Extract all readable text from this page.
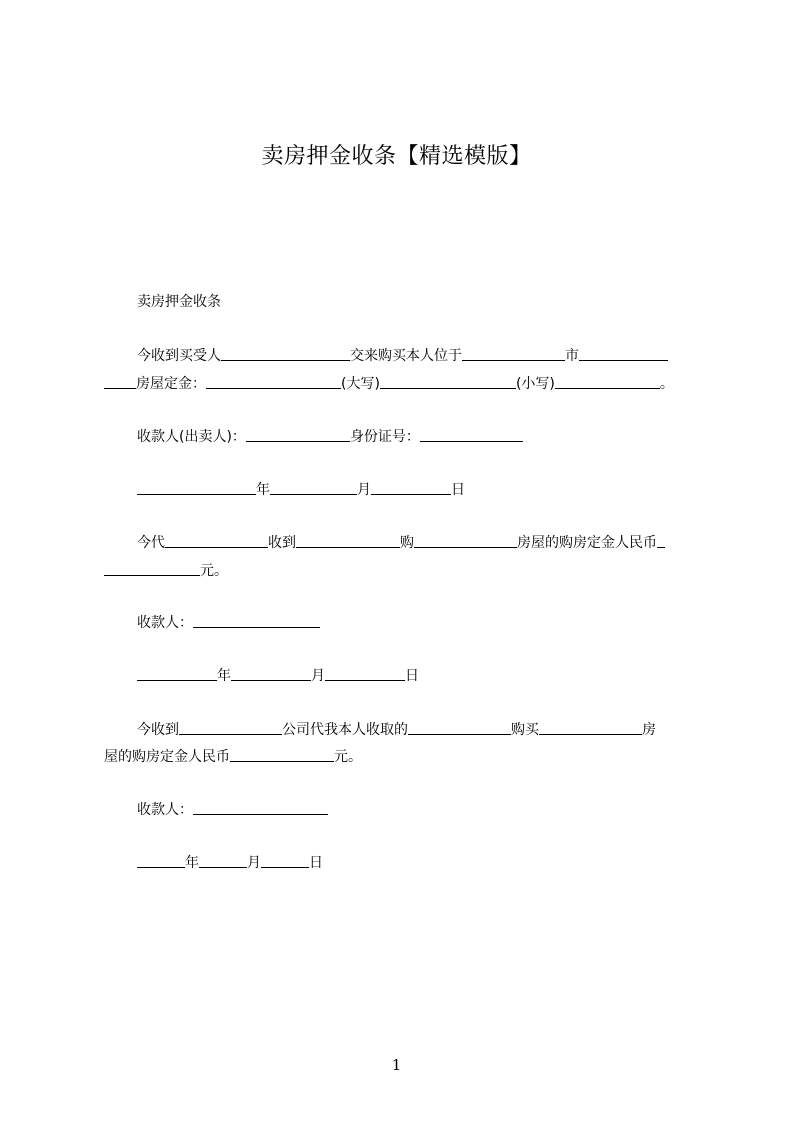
卖房押金收条【精选模版】
卖房押金收条
今收到买受人	交来购买本人位于	市
房屋定金：	(大写)	(小写)	。
收款人(出卖人)：	身份证号：
年	月	日
今代	收到	购	房屋的购房定金人民币
元。
收款人：
年	月	日
今收到	公司代我本人收取的	购买	房
屋的购房定金人民币	元。
收款人：
年	月	日
1
